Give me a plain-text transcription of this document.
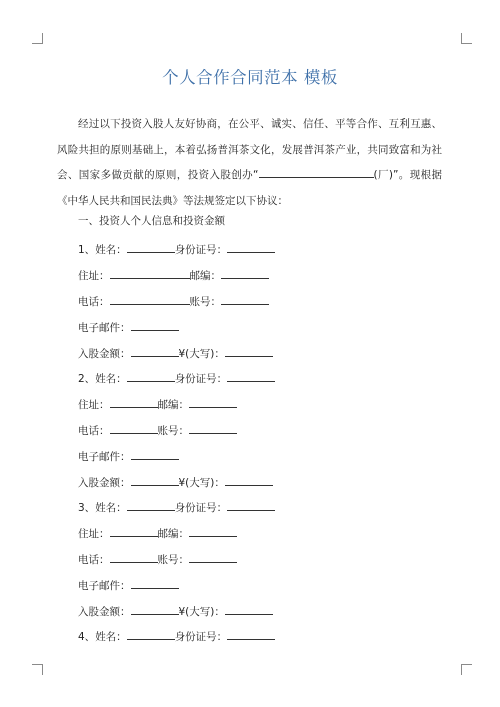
个人合作合同范本 模板
经过以下投资入股人友好协商，在公平、诚实、信任、平等合作、互利互惠、风险共担的原则基础上，本着弘扬普洱茶文化，发展普洱茶产业，共同致富和为社会、国家多做贡献的原则，投资入股创办“	(厂)”。现根据《中华人民共和国民法典》等法规签定以下协议：
一、投资人个人信息和投资金额
1、姓名：	身份证号：
住址：	邮编：
电话：	账号：
电子邮件：
入股金额：	¥(大写)：
2、姓名：	身份证号：
住址：	邮编：
电话：	账号：
电子邮件：
入股金额：	¥(大写)：
3、姓名：	身份证号：
住址：	邮编：
电话：	账号：
电子邮件：
入股金额：	¥(大写)：
4、姓名：	身份证号：
